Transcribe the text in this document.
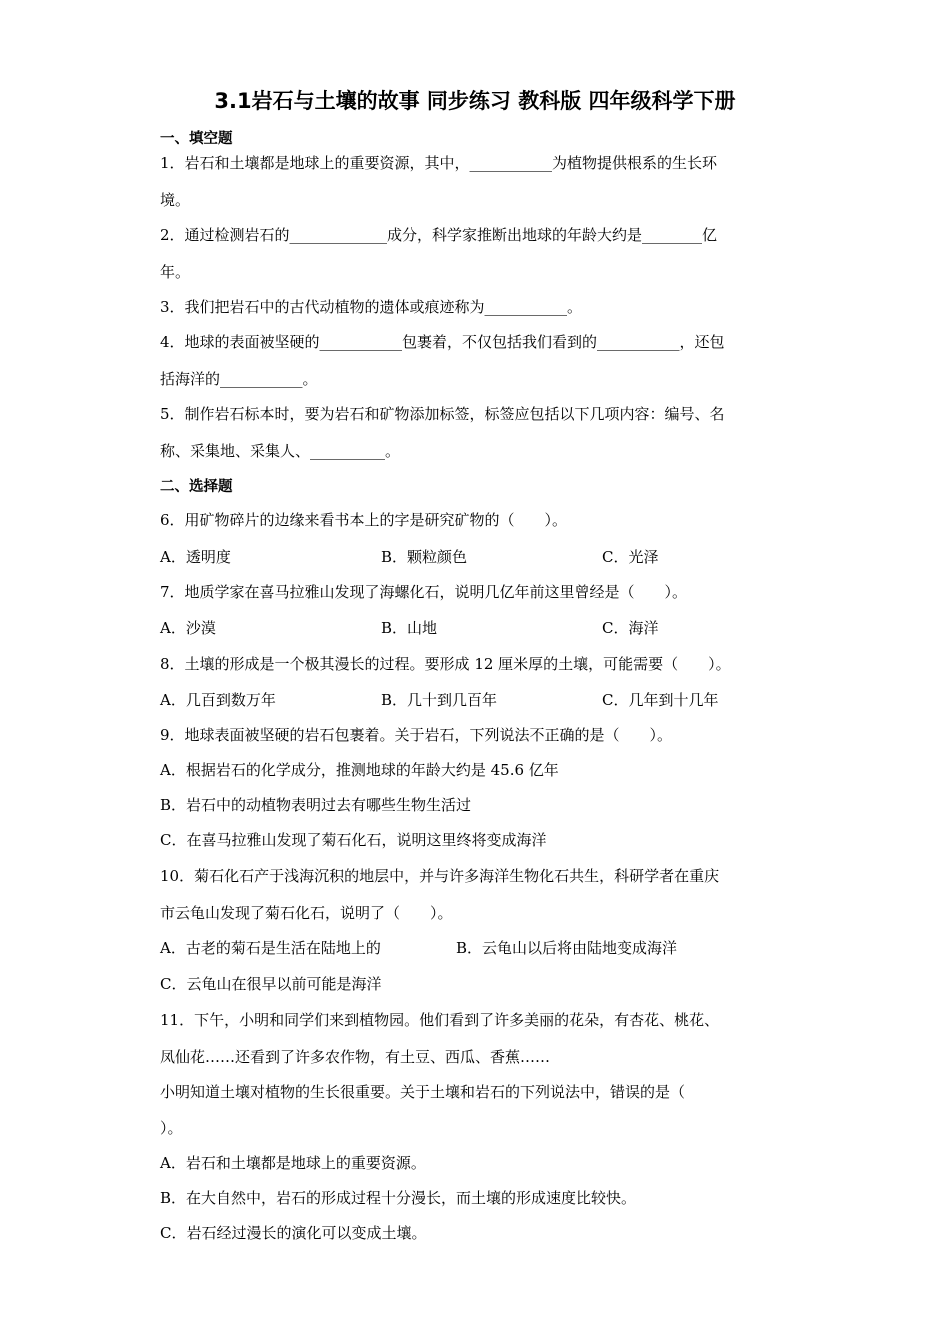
3.1岩石与土壤的故事 同步练习 教科版 四年级科学下册
一、填空题
1．岩石和土壤都是地球上的重要资源，其中，___________为植物提供根系的生长环
境。
2．通过检测岩石的_____________成分，科学家推断出地球的年龄大约是________亿
年。
3．我们把岩石中的古代动植物的遗体或痕迹称为___________。
4．地球的表面被坚硬的___________包裹着，不仅包括我们看到的___________，还包
括海洋的___________。
5．制作岩石标本时，要为岩石和矿物添加标签，标签应包括以下几项内容：编号、名
称、采集地、采集人、__________。
二、选择题
6．用矿物碎片的边缘来看书本上的字是研究矿物的（　　）。
A．透明度	B．颗粒颜色	C．光泽
7．地质学家在喜马拉雅山发现了海螺化石，说明几亿年前这里曾经是（　　）。
A．沙漠	B．山地	C．海洋
8．土壤的形成是一个极其漫长的过程。要形成 12 厘米厚的土壤，可能需要（　　）。
A．几百到数万年	B．几十到几百年	C．几年到十几年
9．地球表面被坚硬的岩石包裹着。关于岩石，下列说法不正确的是（　　）。
A．根据岩石的化学成分，推测地球的年龄大约是 45.6 亿年
B．岩石中的动植物表明过去有哪些生物生活过
C．在喜马拉雅山发现了菊石化石，说明这里终将变成海洋
10．菊石化石产于浅海沉积的地层中，并与许多海洋生物化石共生，科研学者在重庆
市云龟山发现了菊石化石，说明了（　　）。
A．古老的菊石是生活在陆地上的	B．云龟山以后将由陆地变成海洋
C．云龟山在很早以前可能是海洋
11．下午，小明和同学们来到植物园。他们看到了许多美丽的花朵，有杏花、桃花、
凤仙花……还看到了许多农作物，有土豆、西瓜、香蕉……
小明知道土壤对植物的生长很重要。关于土壤和岩石的下列说法中，错误的是（
）。
A．岩石和土壤都是地球上的重要资源。
B．在大自然中，岩石的形成过程十分漫长，而土壤的形成速度比较快。
C．岩石经过漫长的演化可以变成土壤。
